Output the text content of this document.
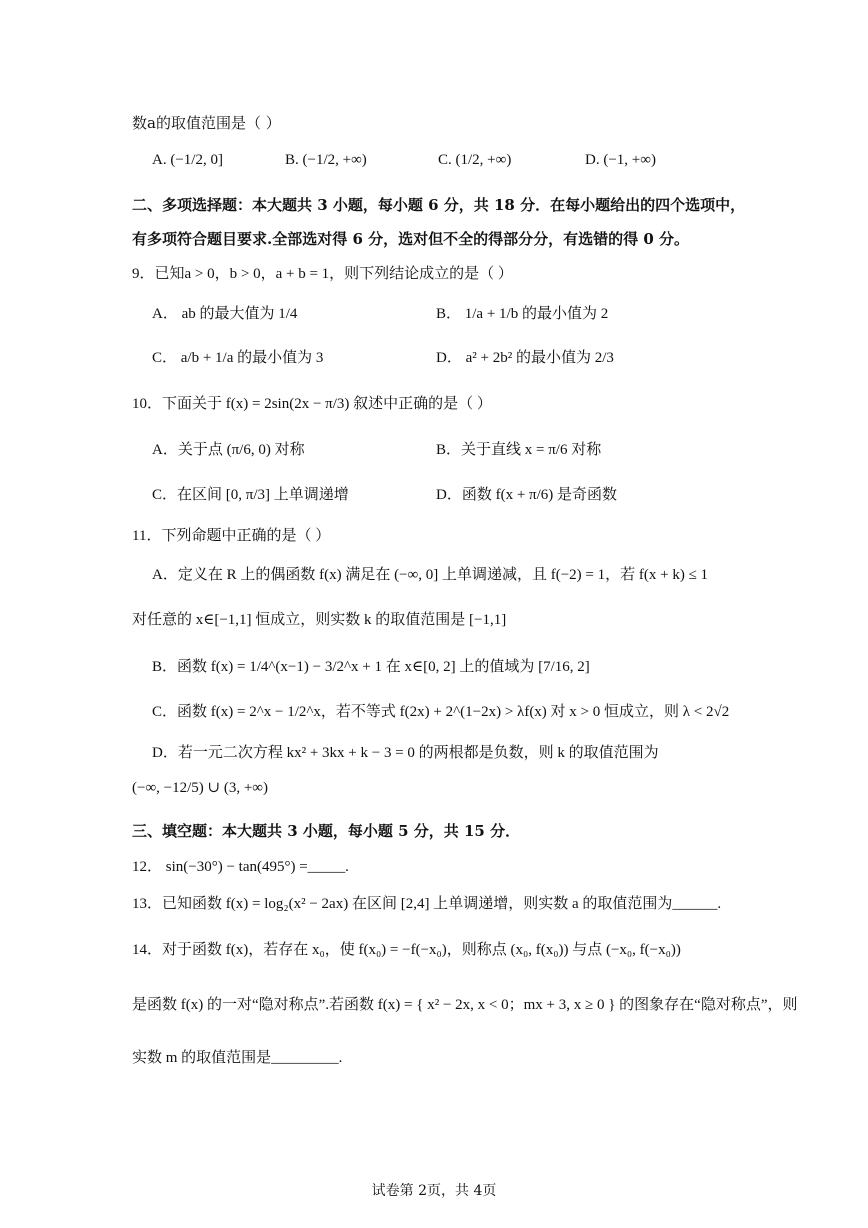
数a的取值范围是（ ）
A. (−1/2, 0]	B. (−1/2, +∞)	C. (1/2, +∞)	D. (−1, +∞)
二、多项选择题：本大题共 3 小题，每小题 6 分，共 18 分．在每小题给出的四个选项中，
有多项符合题目要求.全部选对得 6 分，选对但不全的得部分分，有选错的得 0 分。
9．已知a > 0，b > 0，a + b = 1，则下列结论成立的是（ ）
A． ab 的最大值为 1/4	B． 1/a + 1/b 的最小值为 2
C． a/b + 1/a 的最小值为 3	D． a² + 2b² 的最小值为 2/3
10．下面关于 f(x) = 2sin(2x − π/3) 叙述中正确的是（ ）
A．关于点 (π/6, 0) 对称	B．关于直线 x = π/6 对称
C．在区间 [0, π/3] 上单调递增	D．函数 f(x + π/6) 是奇函数
11．下列命题中正确的是（ ）
A．定义在 R 上的偶函数 f(x) 满足在 (−∞, 0] 上单调递减，且 f(−2) = 1，若 f(x + k) ≤ 1
对任意的 x∈[−1,1] 恒成立，则实数 k 的取值范围是 [−1,1]
B．函数 f(x) = 1/4^(x−1) − 3/2^x + 1 在 x∈[0, 2] 上的值域为 [7/16, 2]
C．函数 f(x) = 2^x − 1/2^x，若不等式 f(2x) + 2^(1−2x) > λf(x) 对 x > 0 恒成立，则 λ < 2√2
D．若一元二次方程 kx² + 3kx + k − 3 = 0 的两根都是负数，则 k 的取值范围为
(−∞, −12/5) ∪ (3, +∞)
三、填空题：本大题共 3 小题，每小题 5 分，共 15 分．
12． sin(−30°) − tan(495°) =_____.
13．已知函数 f(x) = log₂(x² − 2ax) 在区间 [2,4] 上单调递增，则实数 a 的取值范围为______.
14．对于函数 f(x)，若存在 x₀，使 f(x₀) = −f(−x₀)，则称点 (x₀, f(x₀)) 与点 (−x₀, f(−x₀))
是函数 f(x) 的一对“隐对称点”.若函数 f(x) = { x² − 2x, x < 0；mx + 3, x ≥ 0 } 的图象存在“隐对称点”，则
实数 m 的取值范围是_________.
试卷第 2页，共 4页
